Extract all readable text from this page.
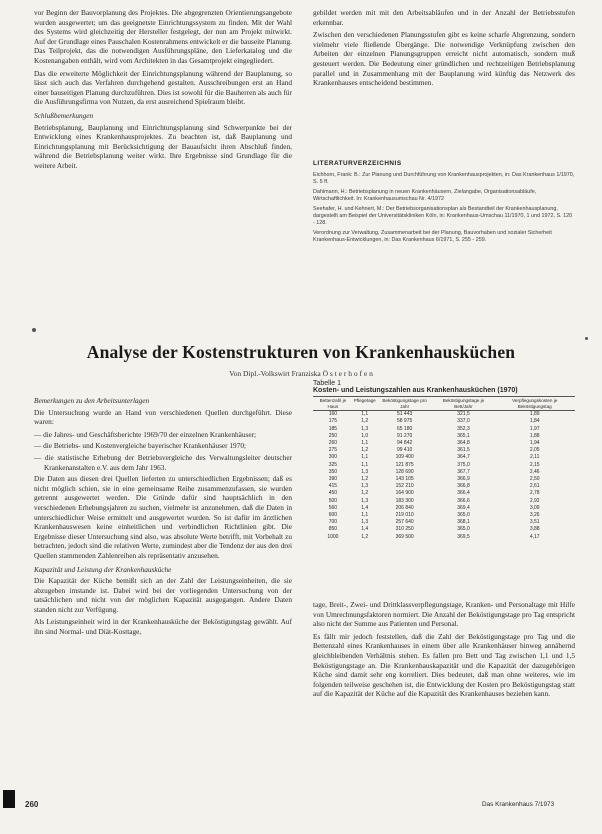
vor Beginn der Bauvorplanung des Projektes. Die abgegrenzten Orientierungsangebote wurden ausgewertet; um das geeignetste Einrichtungssystem zu finden. Mit der Wahl des Systems wird gleichzeitig der Hersteller festgelegt, der nun am Projekt mitwirkt. Auf der Grundlage eines Pauschalen Kostenrahmens entwickelt er die bauseite Planung. Das Teilprojekt, das die notwendigen Ausführungspläne, den Lieferkatalog und die Kostenangaben enthält, wird vom Architekten in das Gesamtprojekt eingegliedert.

Das die erweiterte Möglichkeit der Einrichtungsplanung während der Bauplanung, so lässt sich auch das Verfahren durchgehend gestalten. Ausschreibungen erst an Hand einer bauseitigen Planung durchzuführen. Dies ist sowohl für die Bauherren als auch für die Ausführungsfirma von Nutzen, da erst ausreichend Spielraum bleibt.

Schlußbemerkungen

Betriebsplanung, Bauplanung und Einrichtungsplanung sind Schwerpunkte bei der Entwicklung eines Krankenhausprojektes. Zu beachten ist, daß Bauplanung und Einrichtungsplanung mit Berücksichtigung der Bauaufsicht ihren Abschluß finden, während die Betriebsplanung weiter wirkt. Ihre Ergebnisse sind Grundlage für die weitere Arbeit.

gebildet werden mit mit den Arbeitsabläufen und in der Anzahl der Betriebsstufen erkennbar.

Zwischen den verschiedenen Planungsstufen gibt es keine scharfe Abgrenzung, sondern vielmehr viele fließende Übergänge. Die notwendige Verknüpfung zwischen den Arbeiten der einzelnen Planungsgruppen erreicht nicht automatisch, sondern muß gesteuert werden. Die Bedeutung einer gründlichen und rechtzeitigen Betriebsplanung parallel und in Zusammenhang mit der Bauplanung wird künftig das Netzwerk des Krankenhauses entscheidend bestimmen.

LITERATURVERZEICHNIS

Eichhorn, Frank: B.: Zur Planung und Durchführung von Krankenhausprojekten, in: Das Krankenhaus 1/1970, S. 5 ff.

Dahlmann, H.: Betriebsplanung in neuen Krankenhäusern, Zielangabe, Organisationsabläufe, Wirtschaftlichkeit. In: Krankenhausumschau Nr. 4/1972

Seehafer, H. und Kehnert, M.: Der Betriebsorganisationsplan als Bestandteil der Krankenhausplanung, dargestellt am Beispiel der Universitätskliniken Köln, in: Krankenhaus-Umschau 11/1970, 1 und 1972, S. 120 - 128.

Verordnung zur Verwaltung, Zusammenarbeit bei der Planung, Bauvorhaben und sozialer Sicherheit Krankenhaus-Entwicklungen, in: Das Krankenhaus 6/1971, S. 255 - 259.

Analyse der Kostenstrukturen von Krankenhausküchen
Von Dipl.-Volkswirt Franziska Ö s t e r h o f e n

Bemerkungen zu den Arbeitsunterlagen

Die Untersuchung wurde an Hand von verschiedenen Quellen durchgeführt. Diese waren:

— die Jahres- und Geschäftsberichte 1969/70 der einzelnen Krankenhäuser;

— die Betriebs- und Kostenvergleiche bayerischer Krankenhäuser 1970;

— die statistische Erhebung der Betriebsvergleiche des Verwaltungsleiter deutscher Krankenanstalten e.V. aus dem Jahr 1963.

Die Daten aus diesen drei Quellen lieferten zu unterschiedlichen Ergebnissen; daß es nicht möglich schien, sie in eine gemeinsame Reihe zusammenzufassen, sie wurden getrennt ausgewertet werden. Die Gründe dafür sind hauptsächlich in den verschiedenen Erhebungsjahren zu suchen, vielmehr ist anzunehmen, daß die Daten in unterschiedlicher Weise ermittelt und ausgewertet wurden. So ist dafür im ärztlichen Krankenhauswesen keine einheitlichen und verbindlichen Richtlinien gibt. Die Ergebnisse dieser Untersuchung sind also, was absolute Werte betrifft, mit Vorbehalt zu betrachten, jedoch sind die relativen Werte, zumindest aber die Tendenz der aus den drei Quellen stammenden Zahlenreihen als repräsentativ anzusehen.

Kapazität und Leistung der Krankenhausküche

Die Kapazität der Küche bemißt sich an der Zahl der Leistungseinheiten, die sie abzugeben imstande ist. Dabei wird bei der vorliegenden Untersuchung von der tatsächlichen und nicht von der möglichen Kapazität ausgegangen. Andere Daten standen nicht zur Verfügung.

Als Leistungseinheit wird in der Krankenhausküche der Beköstigungstag gewählt. Auf ihn sind Normal- und Diät-Kosttage,

Tabelle 1
Kosten- und Leistungszahlen aus Krankenhausküchen (1970)
Bettenzahl je Haus	Pflegetage	Beköstigungstage pro Jahr	Beköstigungstage je Bett/Jahr	Verpflegungskosten je Beköstigungstag
160	1,1	51 443	321,5	1,89
175	1,2	58 975	337,0	1,84
185	1,3	65 180	352,3	1,97
250	1,0	91 270	365,1	1,88
260	1,1	94 842	364,8	1,94
275	1,2	99 410	361,5	2,05
300	1,1	109 400	364,7	2,11
325	1,1	121 875	375,0	2,15
350	1,3	128 690	367,7	2,46
390	1,2	143 105	366,9	2,50
415	1,3	152 210	366,8	2,61
450	1,2	164 900	366,4	2,78
500	1,3	183 300	366,6	2,92
560	1,4	206 840	369,4	3,09
600	1,1	219 010	365,0	3,26
700	1,3	257 640	368,1	3,51
850	1,4	310 250	365,0	3,88
1000	1,2	369 500	369,5	4,17

tage, Breit-, Zwei- und Drittklassverpflegungstage, Kranken- und Personaltage mit Hilfe von Umrechnungsfaktoren normiert. Die Anzahl der Beköstigungstage pro Tag entspricht also nicht der Summe aus Patienten und Personal.

Es fällt mir jedoch feststellen, daß die Zahl der Beköstigungstage pro Tag und die Bettenzahl eines Krankenhauses in einem über alle Krankenhäuser hinweg annähernd gleichbleibenden Verhältnis stehen. Es fallen pro Bett und Tag zwischen 1,1 und 1,5 Beköstigungstage an. Die Krankenhauskapazität und die Kapazität der dazugehörigen Küche sind damit sehr eng korreliert. Dies bedeutet, daß man ohne weiteres, wie im folgenden teilweise geschehen ist, die Entwicklung der Kosten pro Beköstigungstag statt auf die Kapazität der Küche auf die Kapazität des Krankenhauses beziehen kann.

260	Das Krankenhaus 7/1973
